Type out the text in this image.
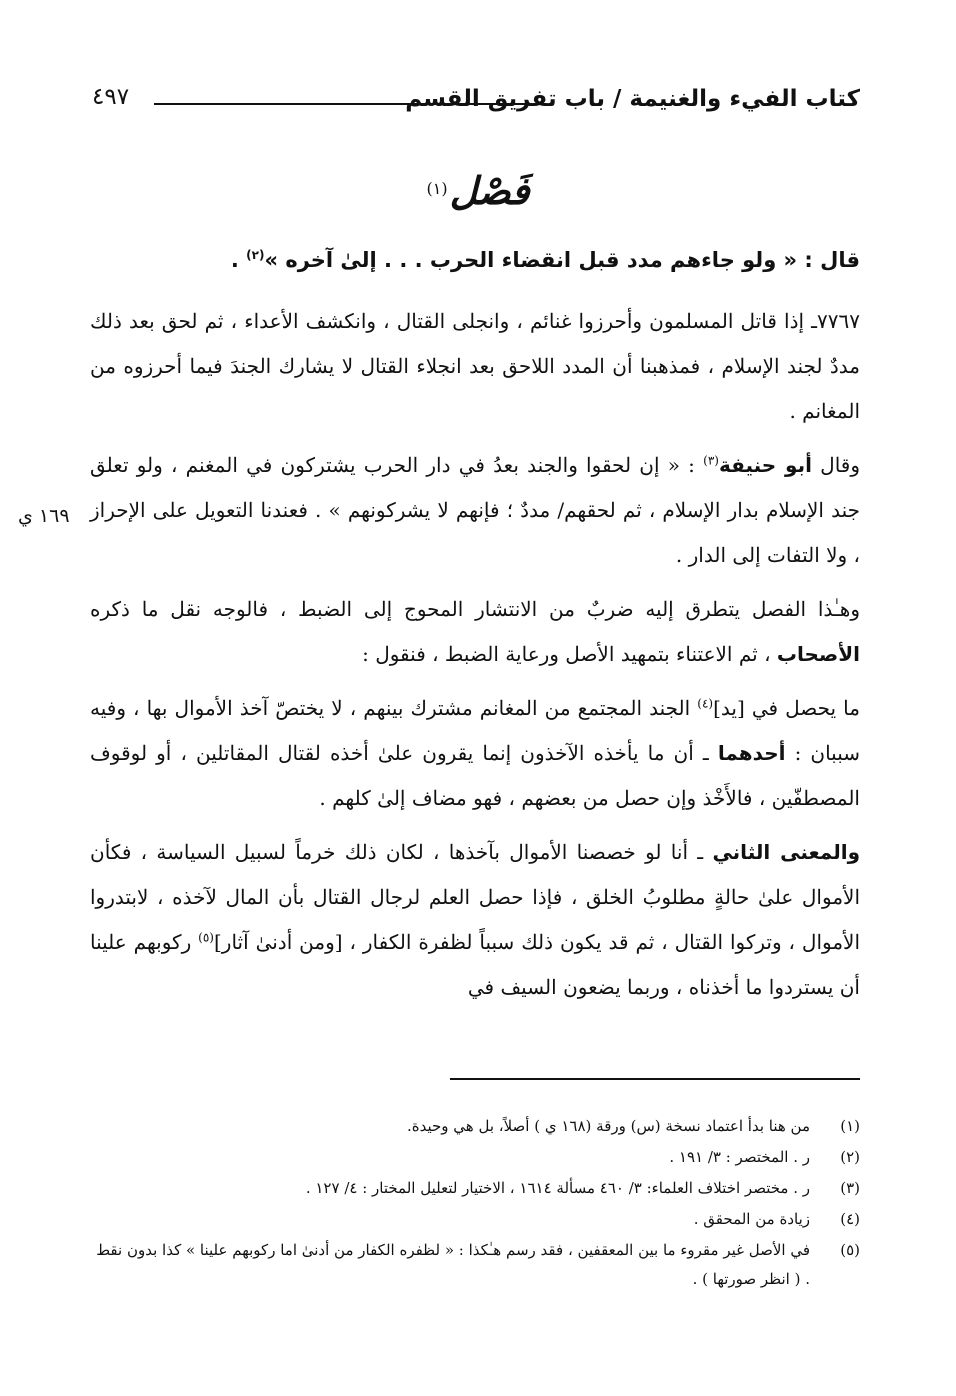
كتاب الفيء والغنيمة / باب تفريق القسم
٤٩٧
فَصْل$^{(١)}$

قال : « ولو جاءهم مدد قبل انقضاء الحرب . . . إلىٰ آخره »$^{(٢)}$ .

٧٧٦٧ـ إذا قاتل المسلمون وأحرزوا غنائم ، وانجلى القتال ، وانكشف الأعداء ، ثم لحق بعد ذلك مددٌ لجند الإسلام ، فمذهبنا أن المدد اللاحق بعد انجلاء القتال لا يشارك الجندَ فيما أحرزوه من المغانم .

وقال أبو حنيفة$^{(٣)}$ : « إن لحقوا والجند بعدُ في دار الحرب يشتركون في المغنم ، ولو تعلق جند الإسلام بدار الإسلام ، ثم لحقهم/ مددٌ ؛ فإنهم لا يشركونهم » . فعندنا التعويل على الإحراز ، ولا التفات إلى الدار .

وهـٰذا الفصل يتطرق إليه ضربٌ من الانتشار المحوج إلى الضبط ، فالوجه نقل ما ذكره الأصحاب ، ثم الاعتناء بتمهيد الأصل ورعاية الضبط ، فنقول :

ما يحصل في [يد]$^{(٤)}$ الجند المجتمع من المغانم مشترك بينهم ، لا يختصّ آخذ الأموال بها ، وفيه سببان : أحدهما ـ أن ما يأخذه الآخذون إنما يقرون علىٰ أخذه لقتال المقاتلين ، أو لوقوف المصطفّين ، فالأَخْذ وإن حصل من بعضهم ، فهو مضاف إلىٰ كلهم .

والمعنى الثاني ـ أنا لو خصصنا الأموال بآخذها ، لكان ذلك خرماً لسبيل السياسة ، فكأن الأموال علىٰ حالةٍ مطلوبُ الخلق ، فإذا حصل العلم لرجال القتال بأن المال لآخذه ، لابتدروا الأموال ، وتركوا القتال ، ثم قد يكون ذلك سبباً لظفرة الكفار ، [ومن أدنىٰ آثار]$^{(٥)}$ ركوبهم علينا أن يستردوا ما أخذناه ، وربما يضعون السيف في

١٦٩ ي
(١)
من هنا بدأ اعتماد نسخة (س) ورقة (١٦٨ ي ) أصلاً، بل هي وحيدة.
(٢)
ر . المختصر : ٣/ ١٩١ .
(٣)
ر . مختصر اختلاف العلماء: ٣/ ٤٦٠ مسألة ١٦١٤ ، الاختيار لتعليل المختار : ٤/ ١٢٧ .
(٤)
زيادة من المحقق .
(٥)
في الأصل غير مقروء ما بين المعقفين ، فقد رسم هـٰكذا : « لظفره الكفار من أدنىٰ اما ركوبهم علينا » كذا بدون نقط . ( انظر صورتها ) .
